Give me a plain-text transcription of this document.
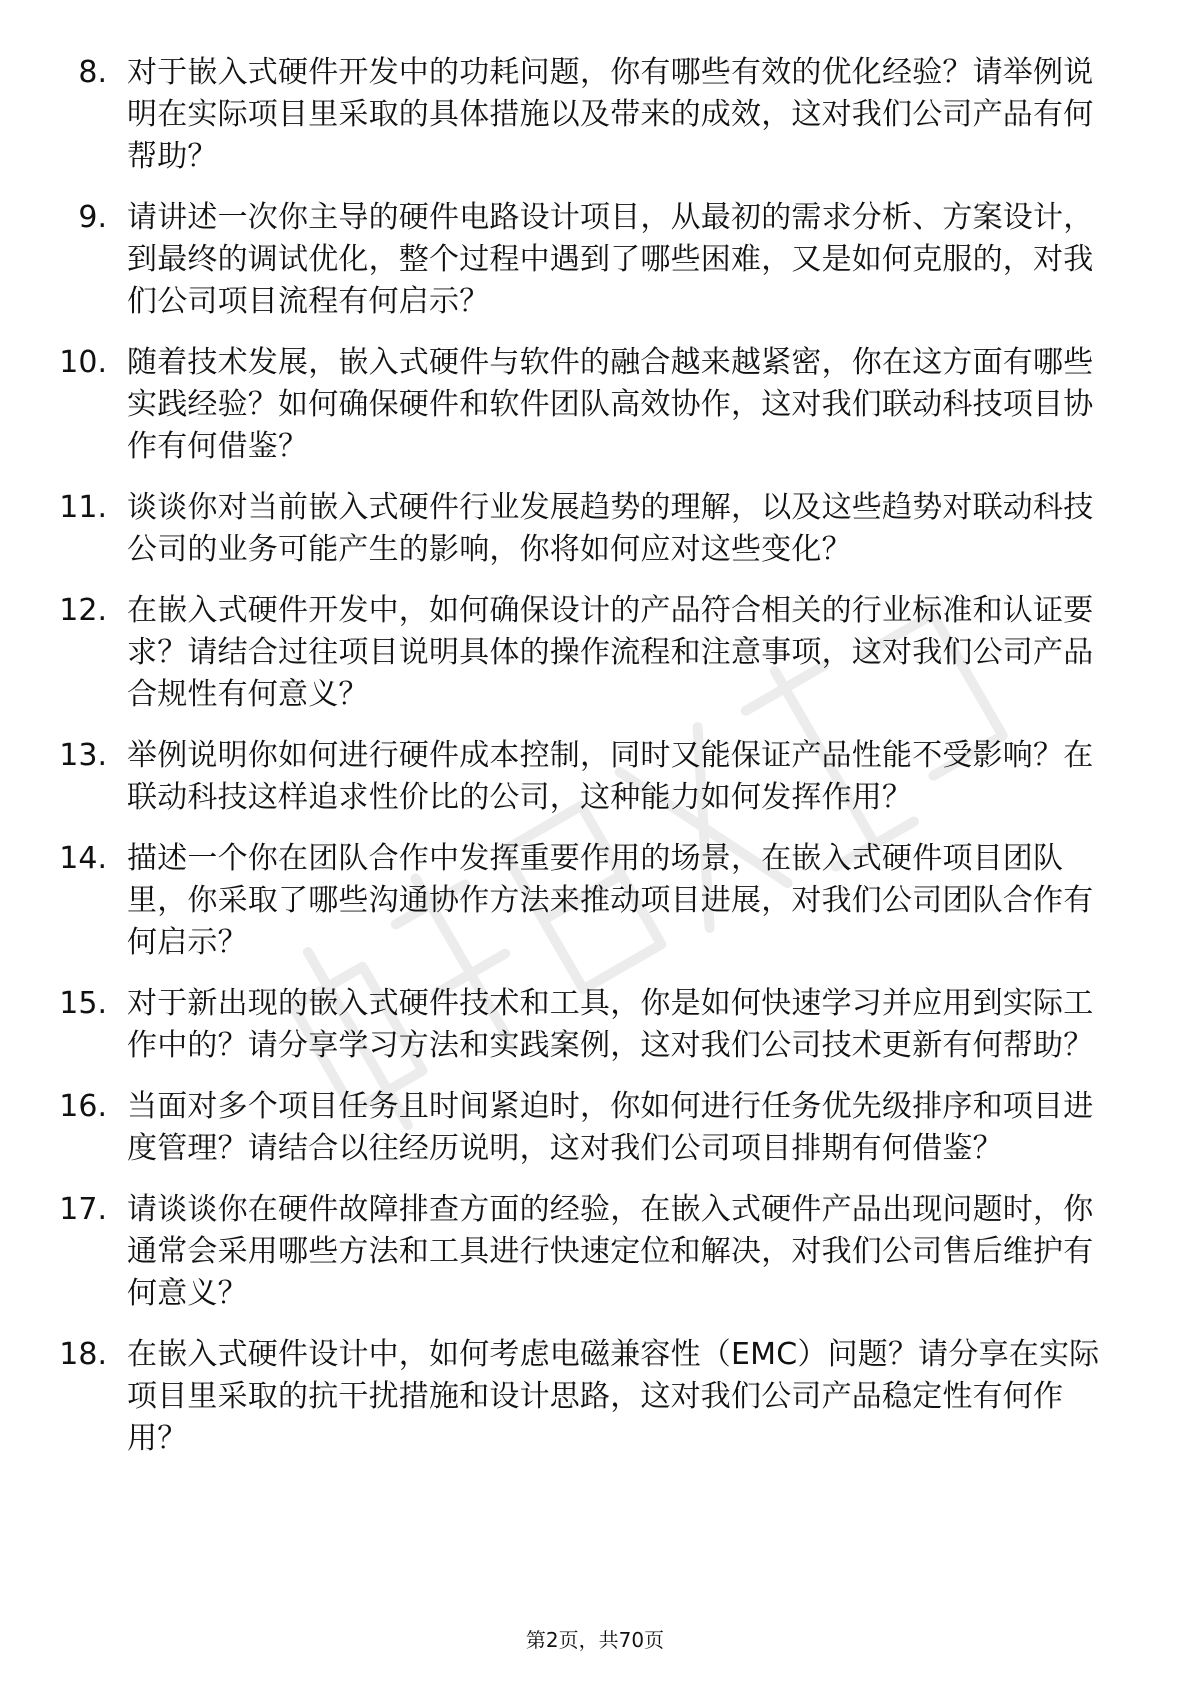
8. 对于嵌入式硬件开发中的功耗问题，你有哪些有效的优化经验？请举例说明在实际项目里采取的具体措施以及带来的成效，这对我们公司产品有何帮助？
9. 请讲述一次你主导的硬件电路设计项目，从最初的需求分析、方案设计，到最终的调试优化，整个过程中遇到了哪些困难，又是如何克服的，对我们公司项目流程有何启示？
10. 随着技术发展，嵌入式硬件与软件的融合越来越紧密，你在这方面有哪些实践经验？如何确保硬件和软件团队高效协作，这对我们联动科技项目协作有何借鉴？
11. 谈谈你对当前嵌入式硬件行业发展趋势的理解，以及这些趋势对联动科技公司的业务可能产生的影响，你将如何应对这些变化？
12. 在嵌入式硬件开发中，如何确保设计的产品符合相关的行业标准和认证要求？请结合过往项目说明具体的操作流程和注意事项，这对我们公司产品合规性有何意义？
13. 举例说明你如何进行硬件成本控制，同时又能保证产品性能不受影响？在联动科技这样追求性价比的公司，这种能力如何发挥作用？
14. 描述一个你在团队合作中发挥重要作用的场景，在嵌入式硬件项目团队里，你采取了哪些沟通协作方法来推动项目进展，对我们公司团队合作有何启示？
15. 对于新出现的嵌入式硬件技术和工具，你是如何快速学习并应用到实际工作中的？请分享学习方法和实践案例，这对我们公司技术更新有何帮助？
16. 当面对多个项目任务且时间紧迫时，你如何进行任务优先级排序和项目进度管理？请结合以往经历说明，这对我们公司项目排期有何借鉴？
17. 请谈谈你在硬件故障排查方面的经验，在嵌入式硬件产品出现问题时，你通常会采用哪些方法和工具进行快速定位和解决，对我们公司售后维护有何意义？
18. 在嵌入式硬件设计中，如何考虑电磁兼容性（EMC）问题？请分享在实际项目里采取的抗干扰措施和设计思路，这对我们公司产品稳定性有何作用？
第2页，共70页
